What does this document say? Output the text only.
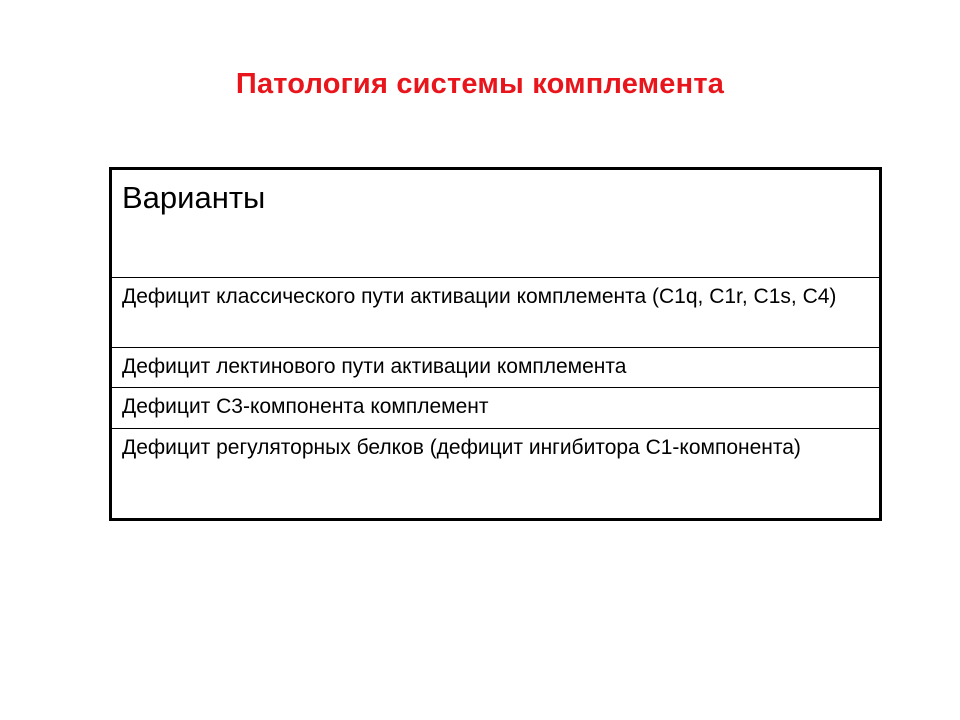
Патология системы комплемента
Варианты
Дефицит классического пути активации комплемента (C1q, C1r, C1s, C4)
Дефицит лектинового пути активации комплемента
Дефицит C3-компонента комплемент
Дефицит регуляторных белков (дефицит ингибитора C1-компонента)
